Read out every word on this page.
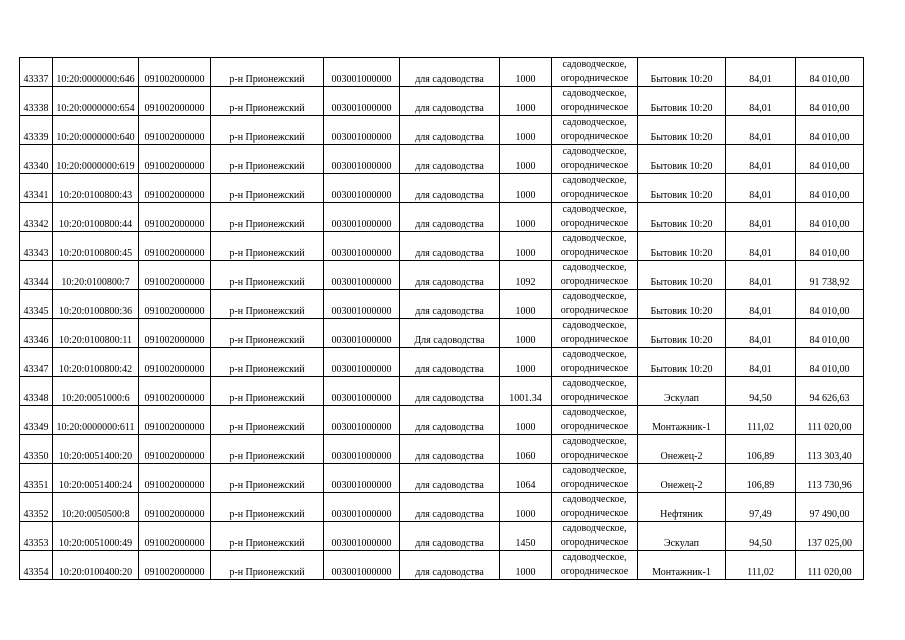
43337	10:20:0000000:646	091002000000	р-н Прионежский	003001000000	для садоводства	1000	садоводческое,
огородническое	Бытовик 10:20	84,01	84 010,00

43338	10:20:0000000:654	091002000000	р-н Прионежский	003001000000	для садоводства	1000	садоводческое,
огородническое	Бытовик 10:20	84,01	84 010,00

43339	10:20:0000000:640	091002000000	р-н Прионежский	003001000000	для садоводства	1000	садоводческое,
огородническое	Бытовик 10:20	84,01	84 010,00

43340	10:20:0000000:619	091002000000	р-н Прионежский	003001000000	для садоводства	1000	садоводческое,
огородническое	Бытовик 10:20	84,01	84 010,00

43341	10:20:0100800:43	091002000000	р-н Прионежский	003001000000	для садоводства	1000	садоводческое,
огородническое	Бытовик 10:20	84,01	84 010,00

43342	10:20:0100800:44	091002000000	р-н Прионежский	003001000000	для садоводства	1000	садоводческое,
огородническое	Бытовик 10:20	84,01	84 010,00

43343	10:20:0100800:45	091002000000	р-н Прионежский	003001000000	для садоводства	1000	садоводческое,
огородническое	Бытовик 10:20	84,01	84 010,00

43344	10:20:0100800:7	091002000000	р-н Прионежский	003001000000	для садоводства	1092	садоводческое,
огородническое	Бытовик 10:20	84,01	91 738,92

43345	10:20:0100800:36	091002000000	р-н Прионежский	003001000000	для садоводства	1000	садоводческое,
огородническое	Бытовик 10:20	84,01	84 010,00

43346	10:20:0100800:11	091002000000	р-н Прионежский	003001000000	Для садоводства	1000	садоводческое,
огородническое	Бытовик 10:20	84,01	84 010,00

43347	10:20:0100800:42	091002000000	р-н Прионежский	003001000000	для садоводства	1000	садоводческое,
огородническое	Бытовик 10:20	84,01	84 010,00

43348	10:20:0051000:6	091002000000	р-н Прионежский	003001000000	для садоводства	1001.34	садоводческое,
огородническое	Эскулап	94,50	94 626,63

43349	10:20:0000000:611	091002000000	р-н Прионежский	003001000000	для садоводства	1000	садоводческое,
огородническое	Монтажник-1	111,02	111 020,00

43350	10:20:0051400:20	091002000000	р-н Прионежский	003001000000	для садоводства	1060	садоводческое,
огородническое	Онежец-2	106,89	113 303,40

43351	10:20:0051400:24	091002000000	р-н Прионежский	003001000000	для садоводства	1064	садоводческое,
огородническое	Онежец-2	106,89	113 730,96

43352	10:20:0050500:8	091002000000	р-н Прионежский	003001000000	для садоводства	1000	садоводческое,
огородническое	Нефтяник	97,49	97 490,00

43353	10:20:0051000:49	091002000000	р-н Прионежский	003001000000	для садоводства	1450	садоводческое,
огородническое	Эскулап	94,50	137 025,00

43354	10:20:0100400:20	091002000000	р-н Прионежский	003001000000	для садоводства	1000	садоводческое,
огородническое	Монтажник-1	111,02	111 020,00
